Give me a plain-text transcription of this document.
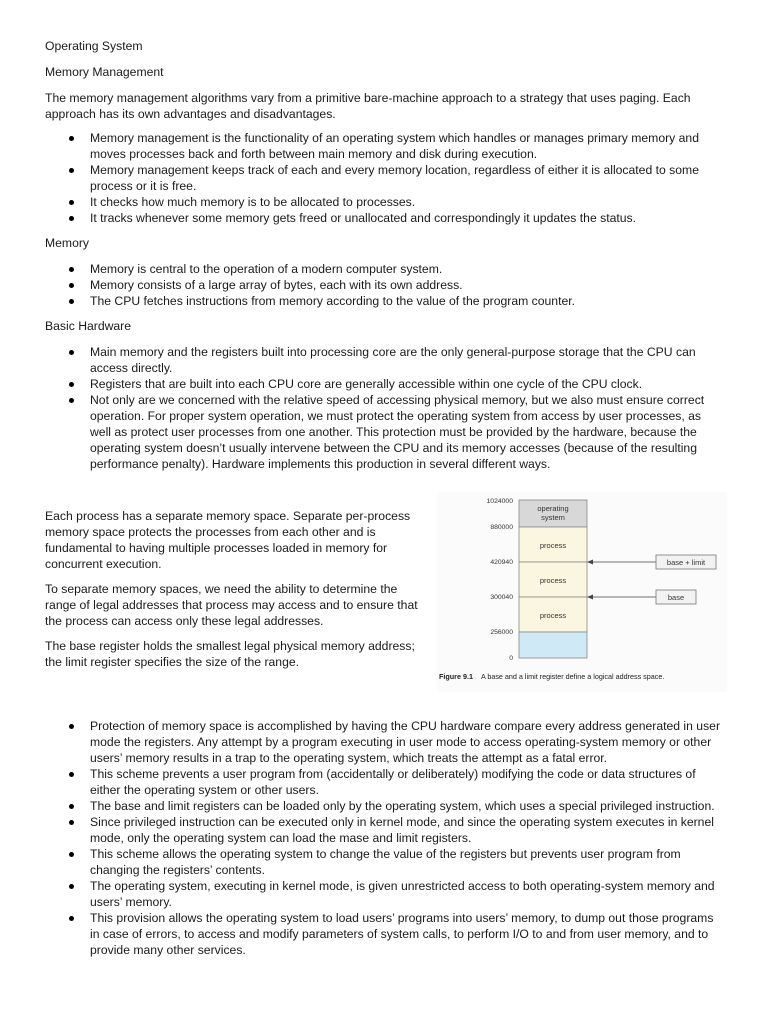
Operating System

Memory Management

The memory management algorithms vary from a primitive bare-machine approach to a strategy that uses paging. Each approach has its own advantages and disadvantages.

Memory management is the functionality of an operating system which handles or manages primary memory and moves processes back and forth between main memory and disk during execution.
Memory management keeps track of each and every memory location, regardless of either it is allocated to some process or it is free.
It checks how much memory is to be allocated to processes.
It tracks whenever some memory gets freed or unallocated and correspondingly it updates the status.

Memory

Memory is central to the operation of a modern computer system.
Memory consists of a large array of bytes, each with its own address.
The CPU fetches instructions from memory according to the value of the program counter.

Basic Hardware

Main memory and the registers built into processing core are the only general-purpose storage that the CPU can access directly.
Registers that are built into each CPU core are generally accessible within one cycle of the CPU clock.
Not only are we concerned with the relative speed of accessing physical memory, but we also must ensure correct operation. For proper system operation, we must protect the operating system from access by user processes, as well as protect user processes from one another. This protection must be provided by the hardware, because the operating system doesn’t usually intervene between the CPU and its memory accesses (because of the resulting performance penalty). Hardware implements this production in several different ways.

Each process has a separate memory space. Separate per-process memory space protects the processes from each other and is fundamental to having multiple processes loaded in memory for concurrent execution.

To separate memory spaces, we need the ability to determine the range of legal addresses that process may access and to ensure that the process can access only these legal addresses.

The base register holds the smallest legal physical memory address; the limit register specifies the size of the range.

operating
system
process
process
process
1024000
880000
420940
300040
256000
0
base + limit
base
Figure 9.1 A base and a limit register define a logical address space.
Protection of memory space is accomplished by having the CPU hardware compare every address generated in user mode the registers. Any attempt by a program executing in user mode to access operating-system memory or other users’ memory results in a trap to the operating system, which treats the attempt as a fatal error.
This scheme prevents a user program from (accidentally or deliberately) modifying the code or data structures of either the operating system or other users.
The base and limit registers can be loaded only by the operating system, which uses a special privileged instruction.
Since privileged instruction can be executed only in kernel mode, and since the operating system executes in kernel mode, only the operating system can load the mase and limit registers.
This scheme allows the operating system to change the value of the registers but prevents user program from changing the registers’ contents.
The operating system, executing in kernel mode, is given unrestricted access to both operating-system memory and users’ memory.
This provision allows the operating system to load users’ programs into users’ memory, to dump out those programs in case of errors, to access and modify parameters of system calls, to perform I/O to and from user memory, and to provide many other services.
